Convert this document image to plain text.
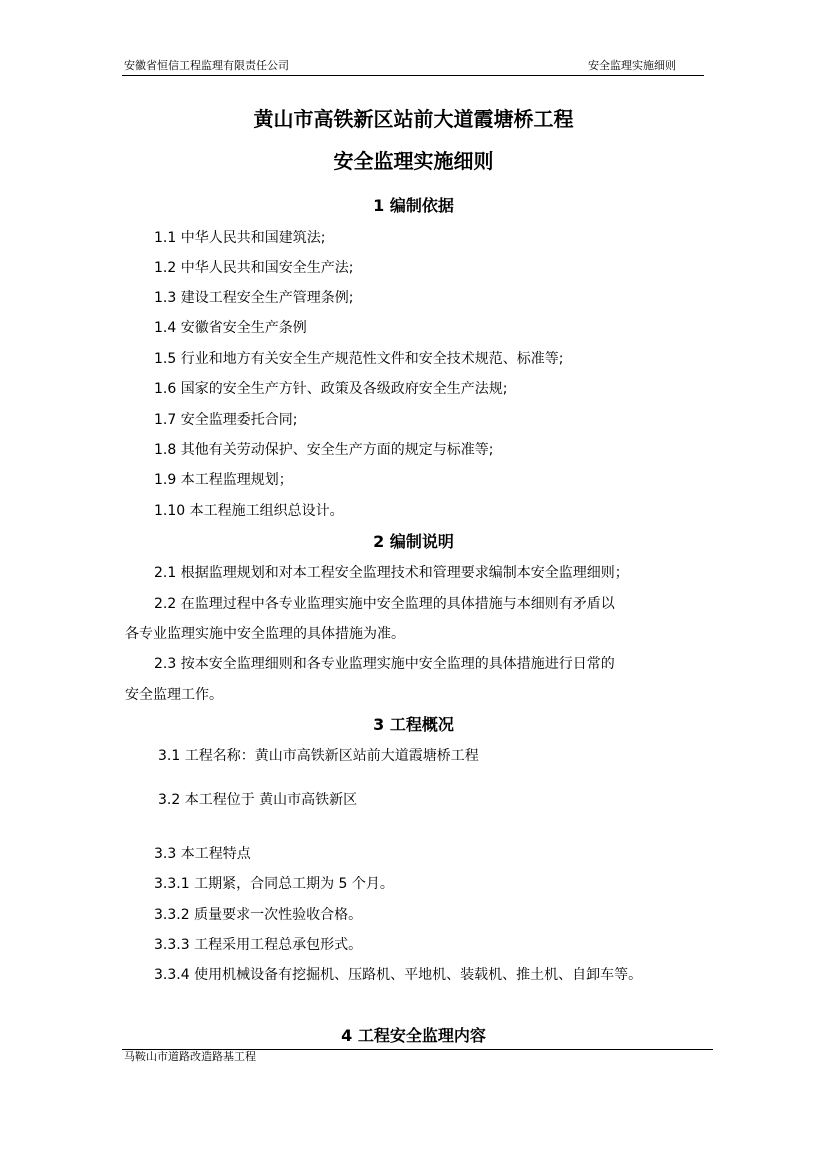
安徽省恒信工程监理有限责任公司	安全监理实施细则
黄山市高铁新区站前大道霞塘桥工程
安全监理实施细则
1 编制依据
1.1 中华人民共和国建筑法;
1.2 中华人民共和国安全生产法;
1.3 建设工程安全生产管理条例;
1.4 安徽省安全生产条例
1.5 行业和地方有关安全生产规范性文件和安全技术规范、标准等;
1.6 国家的安全生产方针、政策及各级政府安全生产法规;
1.7 安全监理委托合同;
1.8 其他有关劳动保护、安全生产方面的规定与标准等;
1.9 本工程监理规划；
1.10 本工程施工组织总设计。
2 编制说明
2.1 根据监理规划和对本工程安全监理技术和管理要求编制本安全监理细则；
2.2 在监理过程中各专业监理实施中安全监理的具体措施与本细则有矛盾以
各专业监理实施中安全监理的具体措施为准。
2.3 按本安全监理细则和各专业监理实施中安全监理的具体措施进行日常的
安全监理工作。
3 工程概况
3.1 工程名称：黄山市高铁新区站前大道霞塘桥工程
3.2 本工程位于 黄山市高铁新区
3.3 本工程特点
3.3.1 工期紧，合同总工期为 5 个月。
3.3.2 质量要求一次性验收合格。
3.3.3 工程采用工程总承包形式。
3.3.4 使用机械设备有挖掘机、压路机、平地机、装载机、推土机、自卸车等。
4 工程安全监理内容
马鞍山市道路改造路基工程
